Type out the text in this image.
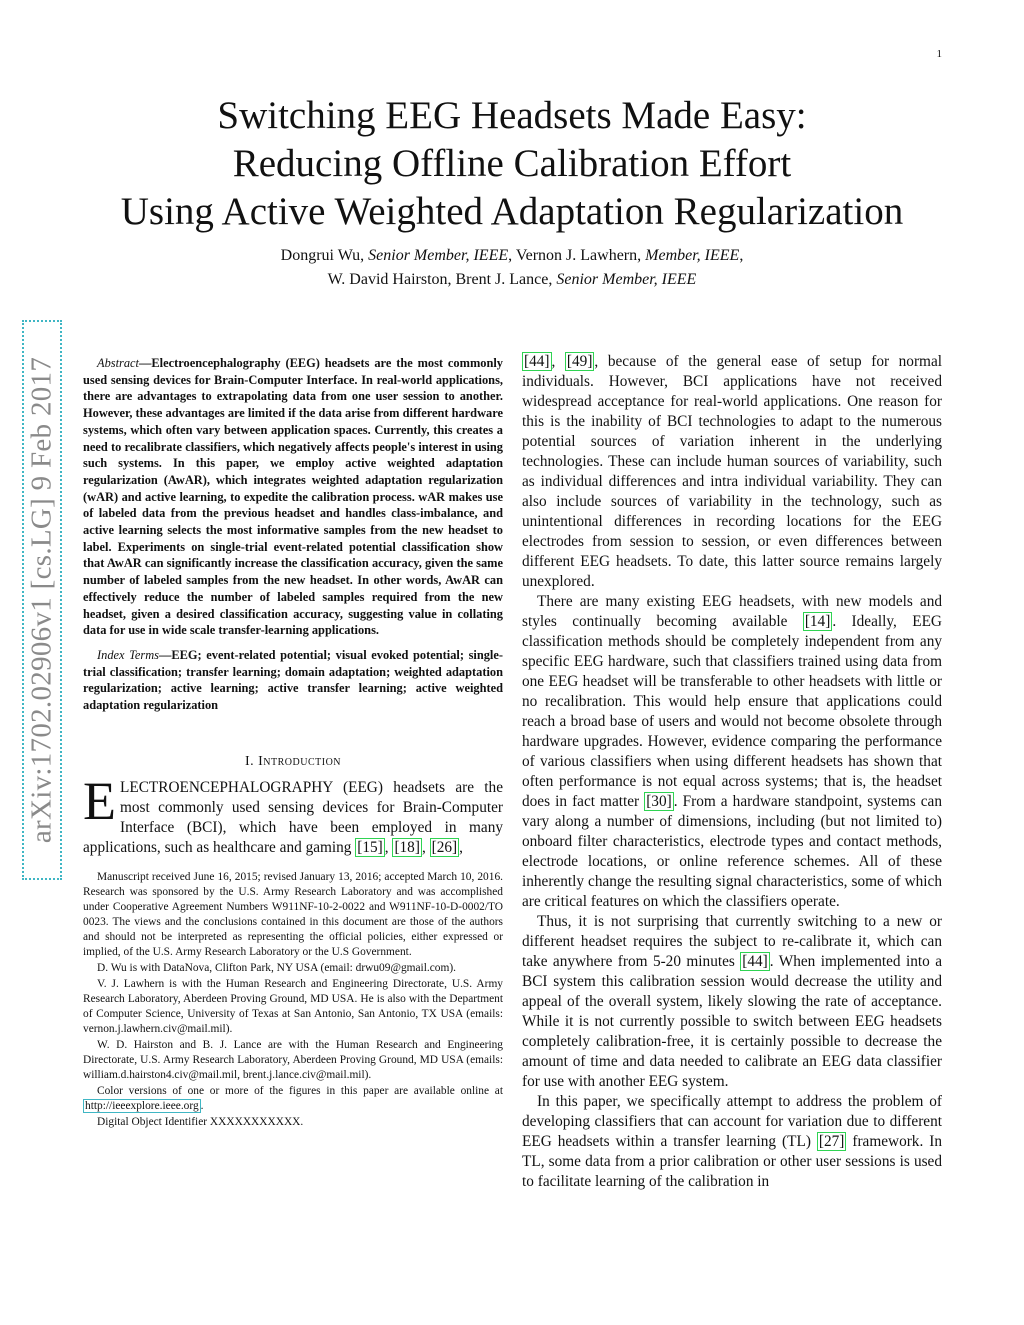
1
arXiv:1702.02906v1 [cs.LG] 9 Feb 2017
Switching EEG Headsets Made Easy:
Reducing Offline Calibration Effort
Using Active Weighted Adaptation Regularization
Dongrui Wu, Senior Member, IEEE, Vernon J. Lawhern, Member, IEEE,
W. David Hairston, Brent J. Lance, Senior Member, IEEE

Abstract—Electroencephalography (EEG) headsets are the most commonly used sensing devices for Brain-Computer Interface. In real-world applications, there are advantages to extrapolating data from one user session to another. However, these advantages are limited if the data arise from different hardware systems, which often vary between application spaces. Currently, this creates a need to recalibrate classifiers, which negatively affects people's interest in using such systems. In this paper, we employ active weighted adaptation regularization (AwAR), which integrates weighted adaptation regularization (wAR) and active learning, to expedite the calibration process. wAR makes use of labeled data from the previous headset and handles class-imbalance, and active learning selects the most informative samples from the new headset to label. Experiments on single-trial event-related potential classification show that AwAR can significantly increase the classification accuracy, given the same number of labeled samples from the new headset. In other words, AwAR can effectively reduce the number of labeled samples required from the new headset, given a desired classification accuracy, suggesting value in collating data for use in wide scale transfer-learning applications.

Index Terms—EEG; event-related potential; visual evoked potential; single-trial classification; transfer learning; domain adaptation; weighted adaptation regularization; active learning; active transfer learning; active weighted adaptation regularization

I. Introduction

ELECTROENCEPHALOGRAPHY (EEG) headsets are the most commonly used sensing devices for Brain-Computer Interface (BCI), which have been employed in many applications, such as healthcare and gaming [15] , [18] , [26] ,

Manuscript received June 16, 2015; revised January 13, 2016; accepted March 10, 2016. Research was sponsored by the U.S. Army Research Laboratory and was accomplished under Cooperative Agreement Numbers W911NF-10-2-0022 and W911NF-10-D-0002/TO 0023. The views and the conclusions contained in this document are those of the authors and should not be interpreted as representing the official policies, either expressed or implied, of the U.S. Army Research Laboratory or the U.S Government.

D. Wu is with DataNova, Clifton Park, NY USA (email: drwu09@gmail.com).

V. J. Lawhern is with the Human Research and Engineering Directorate, U.S. Army Research Laboratory, Aberdeen Proving Ground, MD USA. He is also with the Department of Computer Science, University of Texas at San Antonio, San Antonio, TX USA (emails: vernon.j.lawhern.civ@mail.mil).

W. D. Hairston and B. J. Lance are with the Human Research and Engineering Directorate, U.S. Army Research Laboratory, Aberdeen Proving Ground, MD USA (emails: william.d.hairston4.civ@mail.mil, brent.j.lance.civ@mail.mil).

Color versions of one or more of the figures in this paper are available online at http://ieeexplore.ieee.org .

Digital Object Identifier XXXXXXXXXXX.

[44] , [49] , because of the general ease of setup for normal individuals. However, BCI applications have not received widespread acceptance for real-world applications. One reason for this is the inability of BCI technologies to adapt to the numerous potential sources of variation inherent in the underlying technologies. These can include human sources of variability, such as individual differences and intra individual variability. They can also include sources of variability in the technology, such as unintentional differences in recording locations for the EEG electrodes from session to session, or even differences between different EEG headsets. To date, this latter source remains largely unexplored.

There are many existing EEG headsets, with new models and styles continually becoming available [14] . Ideally, EEG classification methods should be completely independent from any specific EEG hardware, such that classifiers trained using data from one EEG headset will be transferable to other headsets with little or no recalibration. This would help ensure that applications could reach a broad base of users and would not become obsolete through hardware upgrades. However, evidence comparing the performance of various classifiers when using different headsets has shown that often performance is not equal across systems; that is, the headset does in fact matter [30] . From a hardware standpoint, systems can vary along a number of dimensions, including (but not limited to) onboard filter characteristics, electrode types and contact methods, electrode locations, or online reference schemes. All of these inherently change the resulting signal characteristics, some of which are critical features on which the classifiers operate.

Thus, it is not surprising that currently switching to a new or different headset requires the subject to re-calibrate it, which can take anywhere from 5-20 minutes [44] . When implemented into a BCI system this calibration session would decrease the utility and appeal of the overall system, likely slowing the rate of acceptance. While it is not currently possible to switch between EEG headsets completely calibration-free, it is certainly possible to decrease the amount of time and data needed to calibrate an EEG data classifier for use with another EEG system.

In this paper, we specifically attempt to address the problem of developing classifiers that can account for variation due to different EEG headsets within a transfer learning (TL) [27] framework. In TL, some data from a prior calibration or other user sessions is used to facilitate learning of the calibration in
